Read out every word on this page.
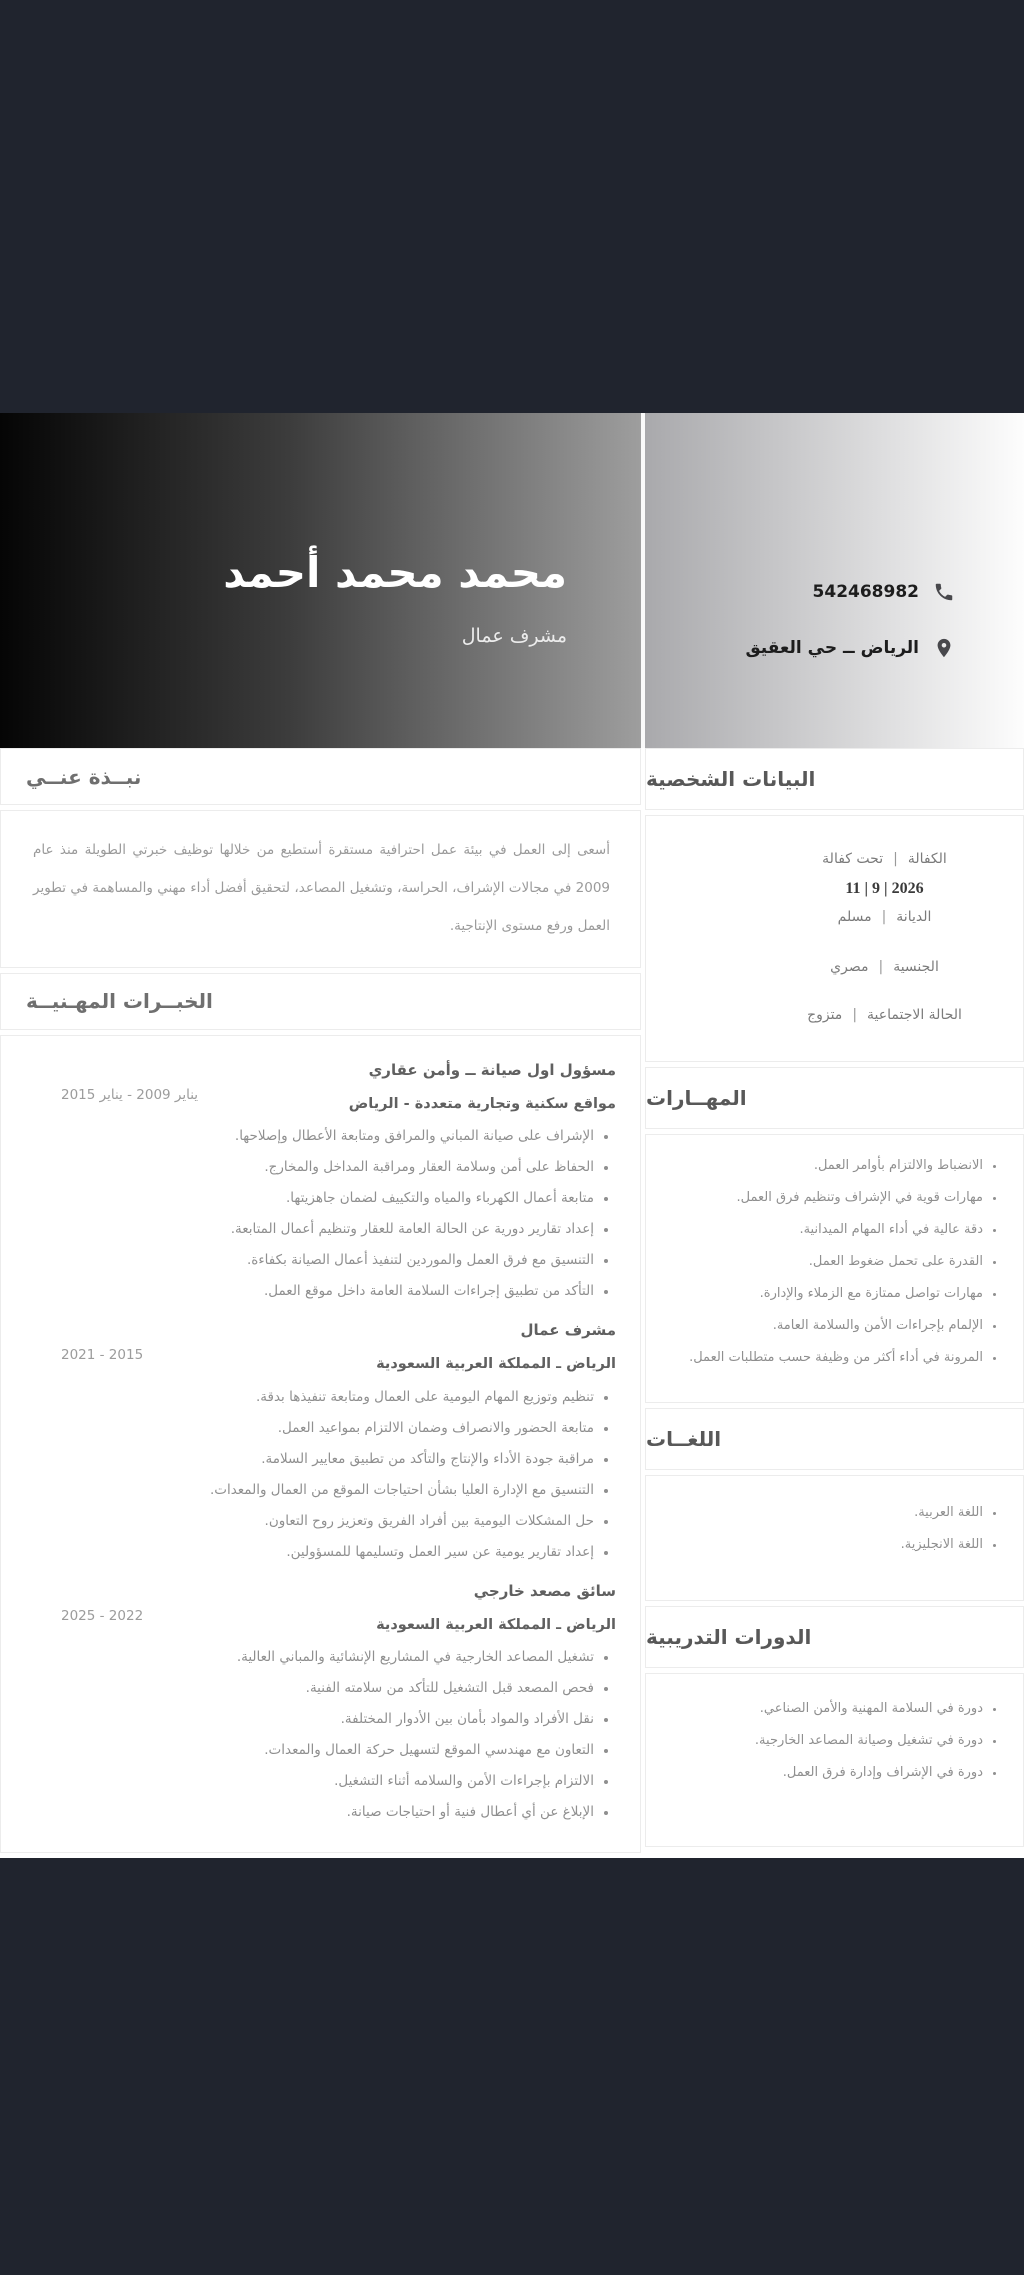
محمد محمد أحمد
مشرف عمال
542468982
الرياض ــ حي العقيق
نبــذة عنــي

أسعى إلى العمل في بيئة عمل احترافية مستقرة أستطيع من خلالها توظيف خبرتي الطويلة منذ عام 2009 في مجالات الإشراف، الحراسة، وتشغيل المصاعد، لتحقيق أفضل أداء مهني والمساهمة في تطوير العمل ورفع مستوى الإنتاجية.

الخبــرات المهـنيــة
مسؤول اول صيانة ــ وأمن عقاري
مواقع سكنية وتجارية متعددة - الرياض
يناير 2009 - يناير 2015
• الإشراف على صيانة المباني والمرافق ومتابعة الأعطال وإصلاحها.
• الحفاظ على أمن وسلامة العقار ومراقبة المداخل والمخارج.
• متابعة أعمال الكهرباء والمياه والتكييف لضمان جاهزيتها.
• إعداد تقارير دورية عن الحالة العامة للعقار وتنظيم أعمال المتابعة.
• التنسيق مع فرق العمل والموردين لتنفيذ أعمال الصيانة بكفاءة.
• التأكد من تطبيق إجراءات السلامة العامة داخل موقع العمل.
مشرف عمال
الرياض ـ المملكة العربية السعودية
2021 - 2015
• تنظيم وتوزيع المهام اليومية على العمال ومتابعة تنفيذها بدقة.
• متابعة الحضور والانصراف وضمان الالتزام بمواعيد العمل.
• مراقبة جودة الأداء والإنتاج والتأكد من تطبيق معايير السلامة.
• التنسيق مع الإدارة العليا بشأن احتياجات الموقع من العمال والمعدات.
• حل المشكلات اليومية بين أفراد الفريق وتعزيز روح التعاون.
• إعداد تقارير يومية عن سير العمل وتسليمها للمسؤولين.
سائق مصعد خارجي
الرياض ـ المملكة العربية السعودية
2025 - 2022
• تشغيل المصاعد الخارجية في المشاريع الإنشائية والمباني العالية.
• فحص المصعد قبل التشغيل للتأكد من سلامته الفنية.
• نقل الأفراد والمواد بأمان بين الأدوار المختلفة.
• التعاون مع مهندسي الموقع لتسهيل حركة العمال والمعدات.
• الالتزام بإجراءات الأمن والسلامه أثناء التشغيل.
• الإبلاغ عن أي أعطال فنية أو احتياجات صيانة.
البيانات الشخصية
الكفالة|تحت كفالة
11 | 9 | 2026
الديانة|مسلم
الجنسية|مصري
الحالة الاجتماعية|متزوج
المهــارات
• الانضباط والالتزام بأوامر العمل.
• مهارات قوية في الإشراف وتنظيم فرق العمل.
• دقة عالية في أداء المهام الميدانية.
• القدرة على تحمل ضغوط العمل.
• مهارات تواصل ممتازة مع الزملاء والإدارة.
• الإلمام بإجراءات الأمن والسلامة العامة.
• المرونة في أداء أكثر من وظيفة حسب متطلبات العمل.
اللغــات
• اللغة العربية.
• اللغة الانجليزية.
الدورات التدريبية
• دورة في السلامة المهنية والأمن الصناعي.
• دورة في تشغيل وصيانة المصاعد الخارجية.
• دورة في الإشراف وإدارة فرق العمل.
